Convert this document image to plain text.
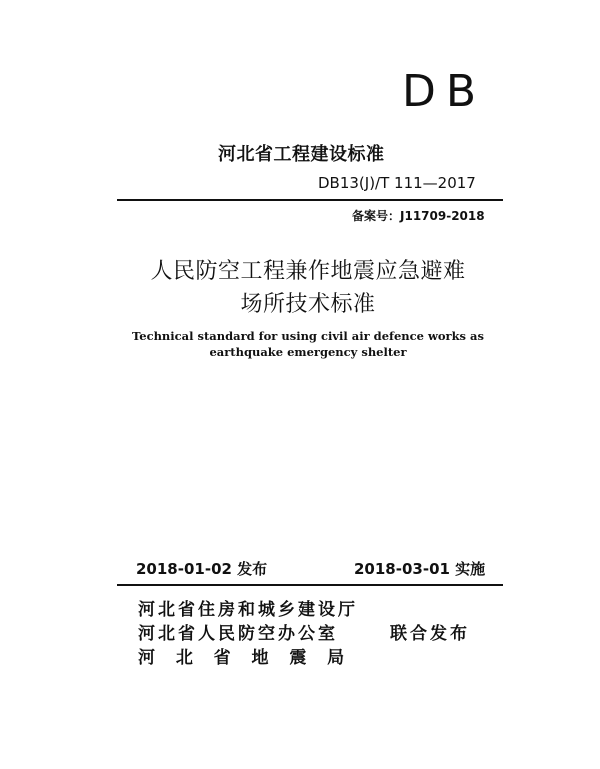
DB
河北省工程建设标准
DB13(J)/T 111—2017
备案号：J11709-2018
人民防空工程兼作地震应急避难
场所技术标准
Technical standard for using civil air defence works as
earthquake emergency shelter
2018-01-02 发布	2018-03-01 实施
河北省住房和城乡建设厅
河北省人民防空办公室	联合发布
河  北  省  地  震  局
